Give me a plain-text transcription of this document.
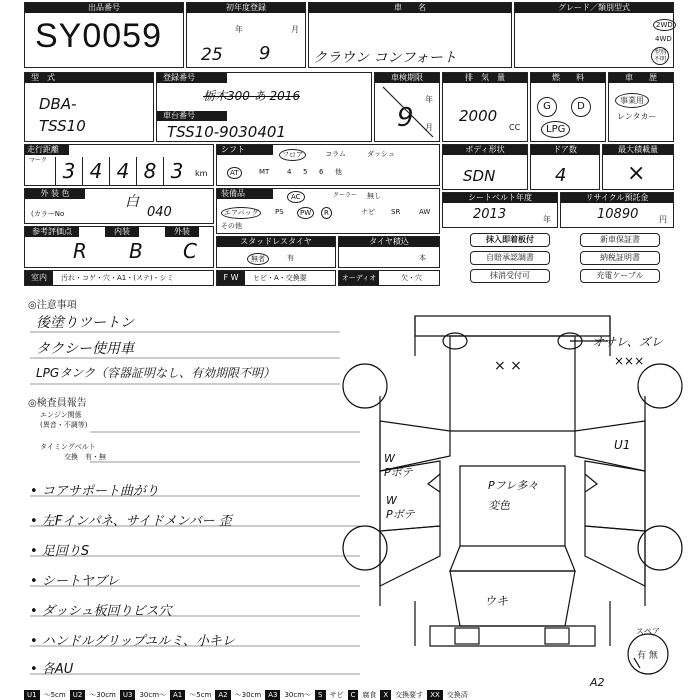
出品番号
SY0059
初年度登録
年	月
25 9
車　　名
クラウン コンフォート
グレード／類別型式
2WD
4WD
型別
不明
型　式
DBA-
TSS10
登録番号
栃木300 あ 2016
車台番号
TSS10-9030401
車検期限
年
月
9
排　気　量
2000
CC
燃　　料
G	D
LPG
車　　歴
事業用
レンタカー
走行距離
マーク 3 4 4 8 3	km
シフト
フロア	コラム	ダッシュ
AT	MT	4 5 6 他
ボディ形状
SDN
ドア数
4
最大積載量
×
外 装 色
白
(カラーNo	040
装備品	AC	クーラー 無し
エアバッグ	PS	PW	R	ナビ SR	AW
その他
シートベルト年度
2013	年
リサイクル預託金
10890	円
参考評価点	内装	外装
R B C	スタッドレスタイヤ
無者	有
タイヤ積込
本
抹入即着板付	新車保証書
自賠承認調書	納税証明書
抹消受付可	充電ケーブル
室内	汚れ・コゲ・穴・A1・(ステ)・シミ	F W	ヒビ・A・交換要	オーディオ	欠・穴
◎注意事項
後塗りツートン
タクシー使用車
LPGタンク（容器証明なし、有効期限不明）
◎検査員報告
エンジン関係
(異音・不調等)
タイミングベルト
交換　有・無
• コアサポート曲がり
• 左Fインパネ、サイドメンバー 歪
• 足回りS
• シートヤブレ
• ダッシュ板回りビス穴
• ハンドルグリップユルミ、小キレ
• 各AU
オサレ、ズレ
× ×	×××
W
Pボテ
W
Pボテ
U1
Pフレ多々
変色
ウキ
スペア
有 無
A2
U1	～5cm	U2	～30cm	U3	30cm～	A1	～5cm	A2	～30cm	A3	30cm～	S	サビ	C	腐食	X	交換要す	XX	交換済
